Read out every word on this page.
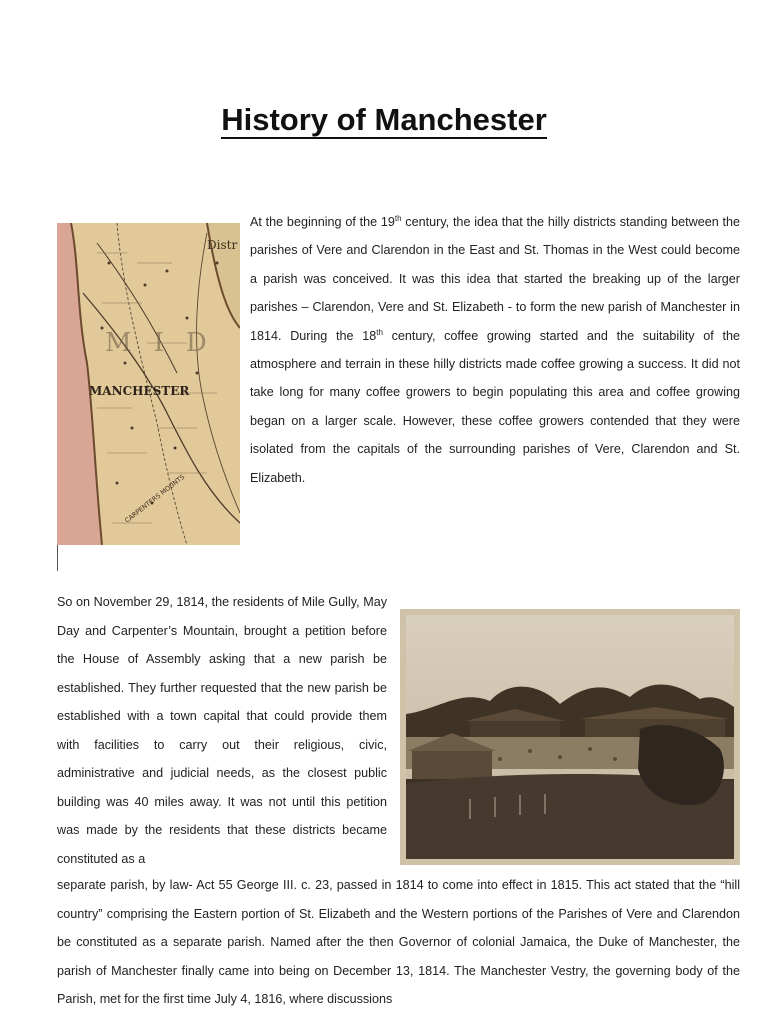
History of Manchester
Distr
MID
MANCHESTER
CARPENTERS MOUNTS

At the beginning of the 19th century, the idea that the hilly districts standing between the parishes of Vere and Clarendon in the East and St. Thomas in the West could become a parish was conceived. It was this idea that started the breaking up of the larger parishes – Clarendon, Vere and St. Elizabeth - to form the new parish of Manchester in 1814. During the 18th century, coffee growing started and the suitability of the atmosphere and terrain in these hilly districts made coffee growing a success. It did not take long for many coffee growers to begin populating this area and coffee growing began on a larger scale. However, these coffee growers contended that they were isolated from the capitals of the surrounding parishes of Vere, Clarendon and St. Elizabeth.

So on November 29, 1814, the residents of Mile Gully, May Day and Carpenter’s Mountain, brought a petition before the House of Assembly asking that a new parish be established. They further requested that the new parish be established with a town capital that could provide them with facilities to carry out their religious, civic, administrative and judicial needs, as the closest public building was 40 miles away. It was not until this petition was made by the residents that these districts became constituted as a

separate parish, by law- Act 55 George III. c. 23, passed in 1814 to come into effect in 1815. This act stated that the “hill country” comprising the Eastern portion of St. Elizabeth and the Western portions of the Parishes of Vere and Clarendon be constituted as a separate parish. Named after the then Governor of colonial Jamaica, the Duke of Manchester, the parish of Manchester finally came into being on December 13, 1814. The Manchester Vestry, the governing body of the Parish, met for the first time July 4, 1816, where discussions
